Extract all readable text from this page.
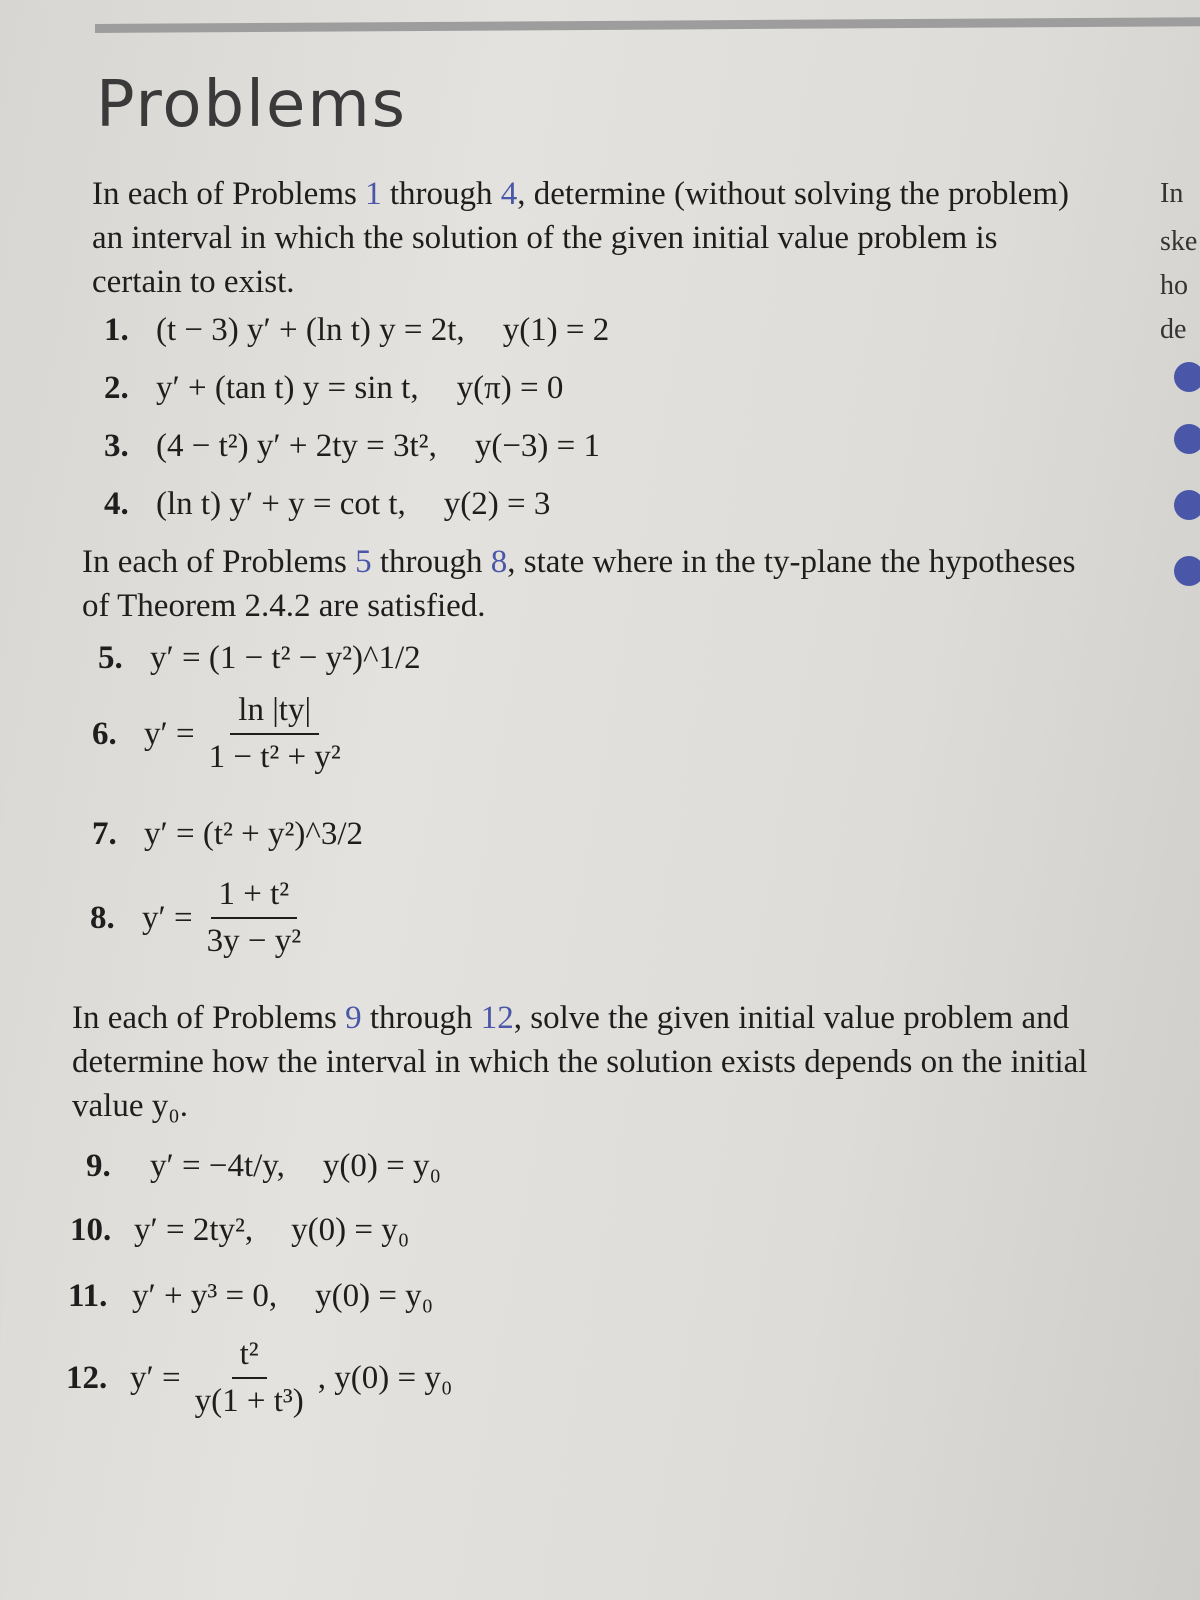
Problems
In each of Problems 1 through 4, determine (without solving the problem) an interval in which the solution of the given initial value problem is certain to exist.
1. (t − 3) y′ + (ln t) y = 2t, y(1) = 2
2. y′ + (tan t) y = sin t, y(π) = 0
3. (4 − t²) y′ + 2ty = 3t², y(−3) = 1
4. (ln t) y′ + y = cot t, y(2) = 3
In each of Problems 5 through 8, state where in the ty-plane the hypotheses of Theorem 2.4.2 are satisfied.
5. y′ = (1 − t² − y²)^1/2
6. $y' = \frac{\ln |ty|}{\text{1 − t² + y²}}$
7. y′ = (t² + y²)^3/2
8. $y' = \frac{\text{1 + t²}}{\text{3y − y²}}$
In each of Problems 9 through 12, solve the given initial value problem and determine how the interval in which the solution exists depends on the initial value y₀.
9. y′ = −4t/y, y(0) = y₀
10. y′ = 2ty², y(0) = y₀
11. y′ + y³ = 0, y(0) = y₀
12. $y' = \frac{\text{t²}}{\text{y(1 + t³)}}$ , y(0) = y₀
In
ske
ho
de
